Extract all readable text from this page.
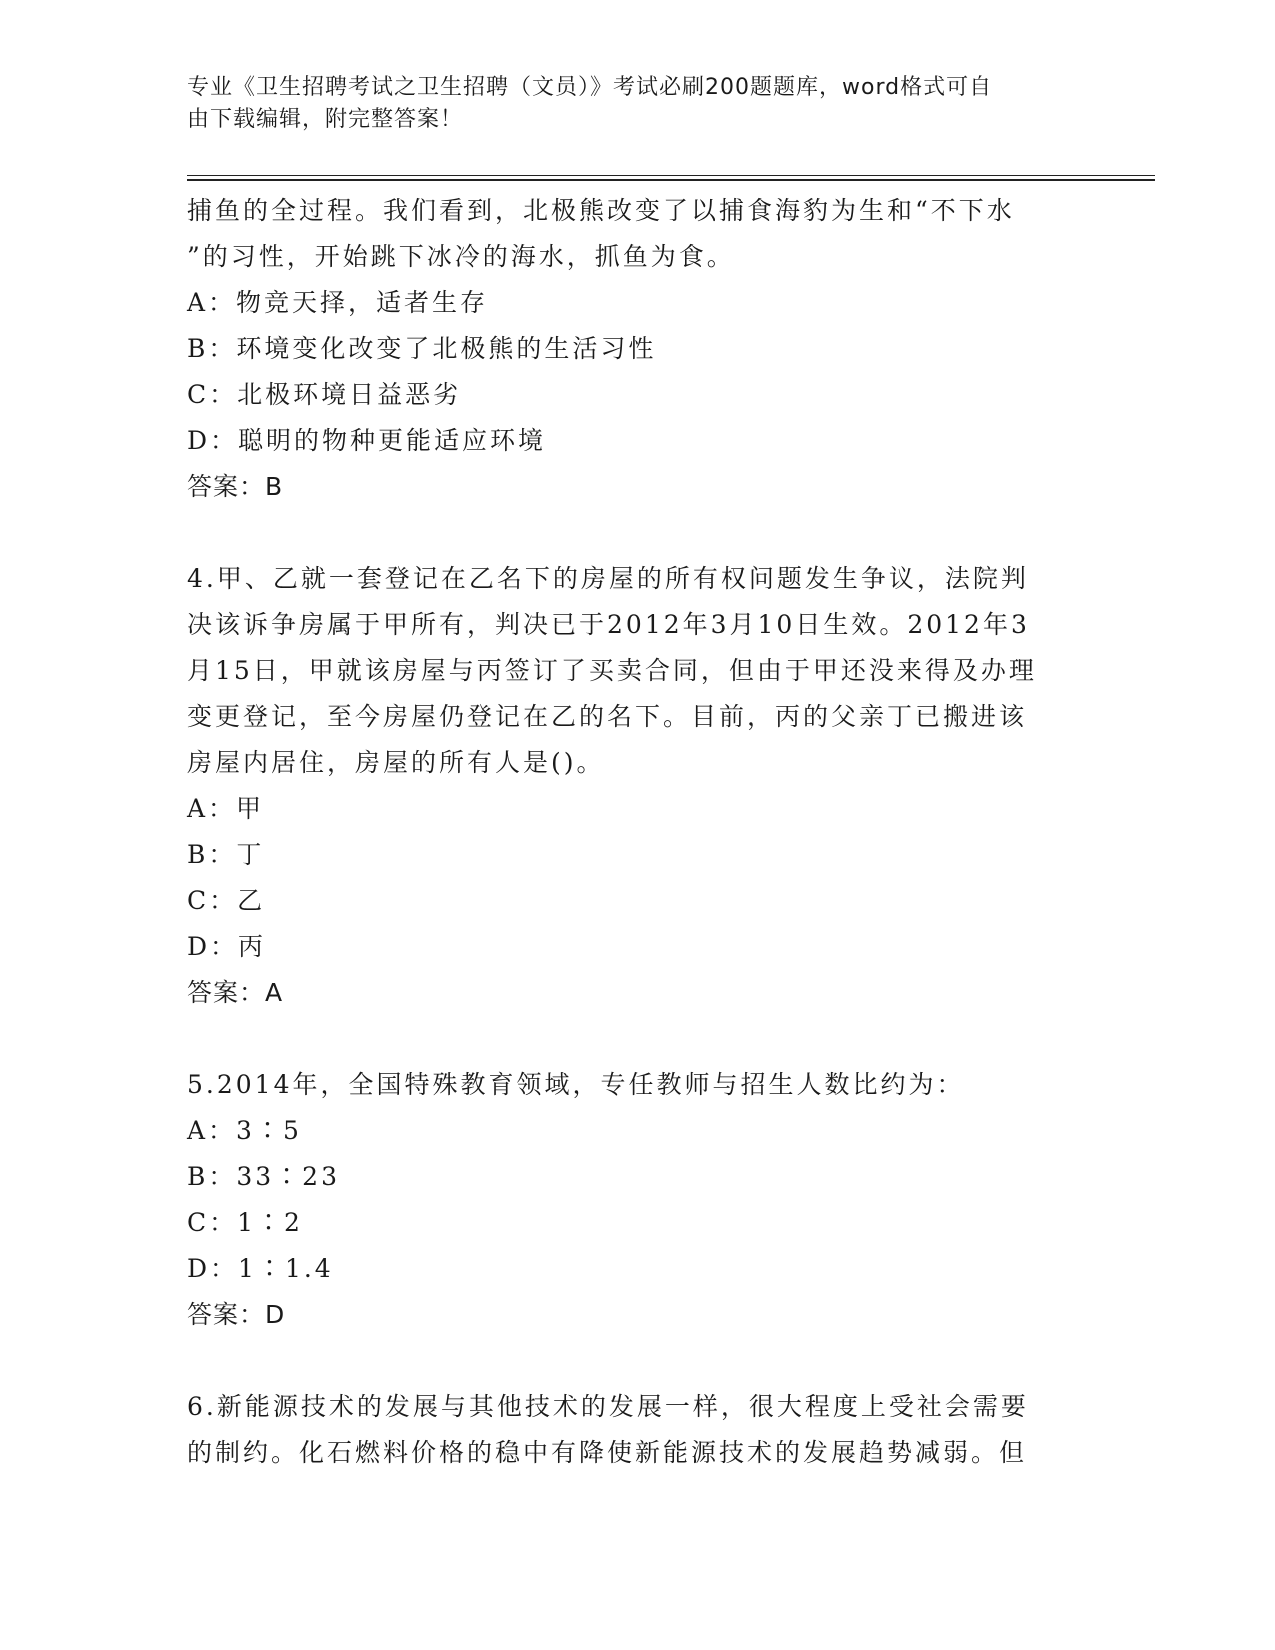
专业《卫生招聘考试之卫生招聘（文员）》考试必刷200题题库，word格式可自
由下载编辑，附完整答案！
捕鱼的全过程。我们看到，北极熊改变了以捕食海豹为生和“不下水
”的习性，开始跳下冰冷的海水，抓鱼为食。
A：物竞天择，适者生存
B：环境变化改变了北极熊的生活习性
C：北极环境日益恶劣
D：聪明的物种更能适应环境
答案：B
4.甲、乙就一套登记在乙名下的房屋的所有权问题发生争议，法院判
决该诉争房属于甲所有，判决已于2012年3月10日生效。2012年3
月15日，甲就该房屋与丙签订了买卖合同，但由于甲还没来得及办理
变更登记，至今房屋仍登记在乙的名下。目前，丙的父亲丁已搬进该
房屋内居住，房屋的所有人是()。
A：甲
B：丁
C：乙
D：丙
答案：A
5.2014年，全国特殊教育领域，专任教师与招生人数比约为：
A：3∶5
B：33∶23
C：1∶2
D：1∶1.4
答案：D
6.新能源技术的发展与其他技术的发展一样，很大程度上受社会需要
的制约。化石燃料价格的稳中有降使新能源技术的发展趋势减弱。但
